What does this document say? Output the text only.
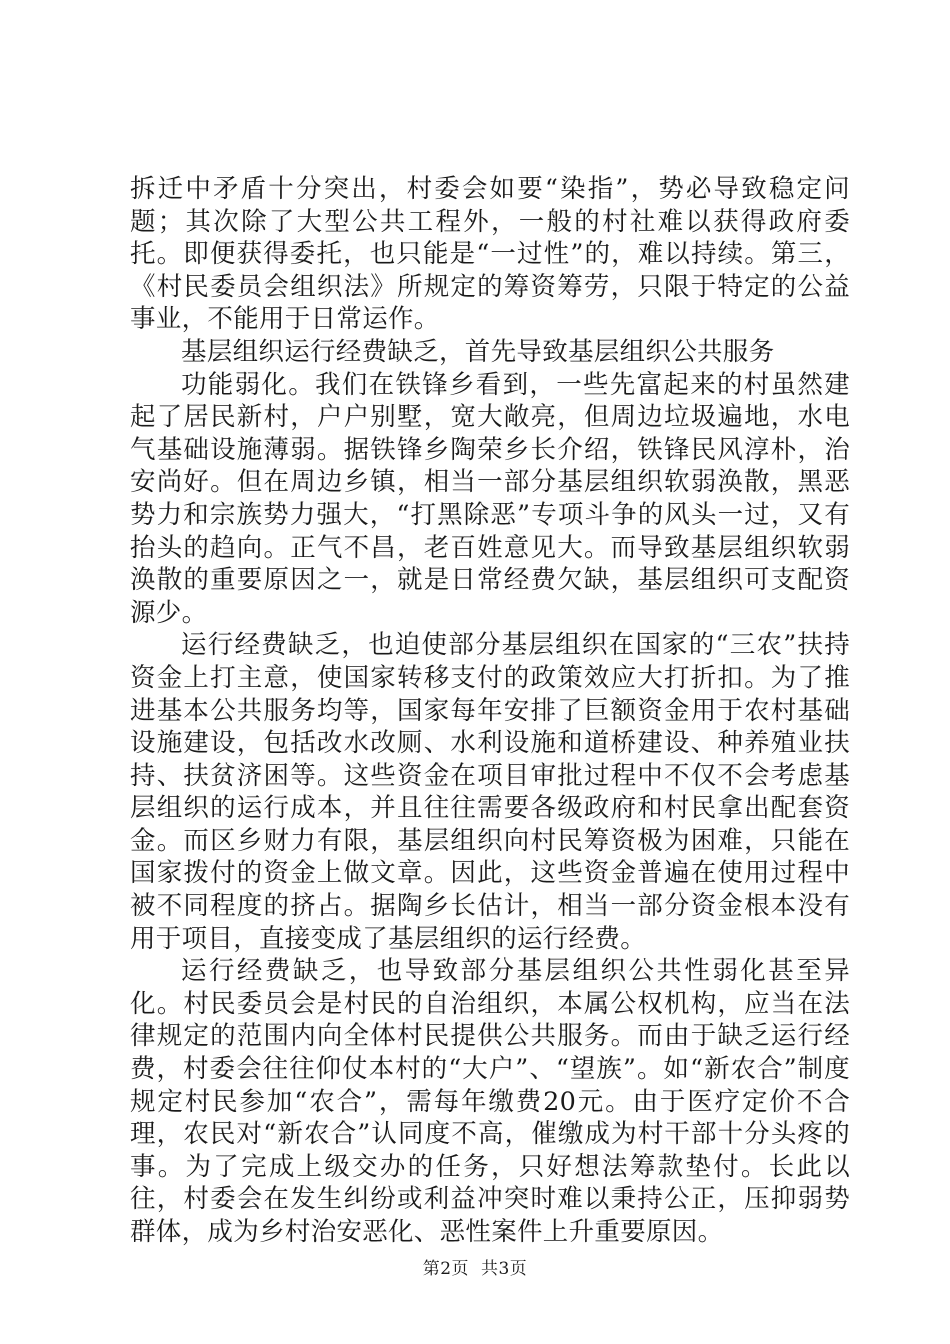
拆迁中矛盾十分突出，村委会如要“染指”，势必导致稳定问题；其次除了大型公共工程外，一般的村社难以获得政府委托。即便获得委托，也只能是“一过性”的，难以持续。第三，《村民委员会组织法》所规定的筹资筹劳，只限于特定的公益事业，不能用于日常运作。

基层组织运行经费缺乏，首先导致基层组织公共服务

功能弱化。我们在铁锋乡看到，一些先富起来的村虽然建起了居民新村，户户别墅，宽大敞亮，但周边垃圾遍地，水电气基础设施薄弱。据铁锋乡陶荣乡长介绍，铁锋民风淳朴，治安尚好。但在周边乡镇，相当一部分基层组织软弱涣散，黑恶势力和宗族势力强大，“打黑除恶”专项斗争的风头一过，又有抬头的趋向。正气不昌，老百姓意见大。而导致基层组织软弱涣散的重要原因之一，就是日常经费欠缺，基层组织可支配资源少。

运行经费缺乏，也迫使部分基层组织在国家的“三农”扶持资金上打主意，使国家转移支付的政策效应大打折扣。为了推进基本公共服务均等，国家每年安排了巨额资金用于农村基础设施建设，包括改水改厕、水利设施和道桥建设、种养殖业扶持、扶贫济困等。这些资金在项目审批过程中不仅不会考虑基层组织的运行成本，并且往往需要各级政府和村民拿出配套资金。而区乡财力有限，基层组织向村民筹资极为困难，只能在国家拨付的资金上做文章。因此，这些资金普遍在使用过程中被不同程度的挤占。据陶乡长估计，相当一部分资金根本没有用于项目，直接变成了基层组织的运行经费。

运行经费缺乏，也导致部分基层组织公共性弱化甚至异化。村民委员会是村民的自治组织，本属公权机构，应当在法律规定的范围内向全体村民提供公共服务。而由于缺乏运行经费，村委会往往仰仗本村的“大户”、“望族”。如“新农合”制度规定村民参加“农合”，需每年缴费20元。由于医疗定价不合理，农民对“新农合”认同度不高，催缴成为村干部十分头疼的事。为了完成上级交办的任务，只好想法筹款垫付。长此以往，村委会在发生纠纷或利益冲突时难以秉持公正，压抑弱势群体，成为乡村治安恶化、恶性案件上升重要原因。

第2页 共3页
